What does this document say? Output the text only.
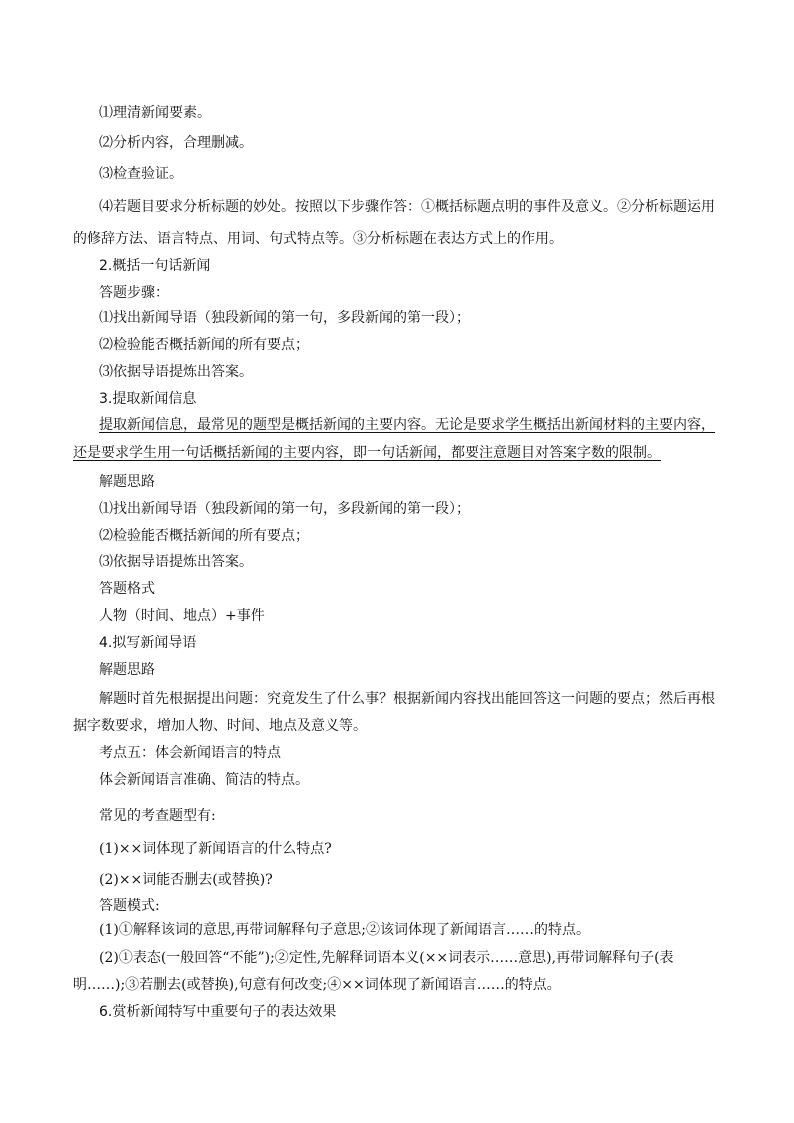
⑴理清新闻要素。
⑵分析内容，合理删减。
⑶检查验证。
⑷若题目要求分析标题的妙处。按照以下步骤作答：①概括标题点明的事件及意义。②分析标题运用
的修辞方法、语言特点、用词、句式特点等。③分析标题在表达方式上的作用。
2.概括一句话新闻
答题步骤：
⑴找出新闻导语（独段新闻的第一句，多段新闻的第一段）；
⑵检验能否概括新闻的所有要点；
⑶依据导语提炼出答案。
3.提取新闻信息
提取新闻信息，最常见的题型是概括新闻的主要内容。无论是要求学生概括出新闻材料的主要内容，
还是要求学生用一句话概括新闻的主要内容，即一句话新闻，都要注意题目对答案字数的限制。
解题思路
⑴找出新闻导语（独段新闻的第一句，多段新闻的第一段）；
⑵检验能否概括新闻的所有要点；
⑶依据导语提炼出答案。
答题格式
人物（时间、地点）+事件
4.拟写新闻导语
解题思路
解题时首先根据提出问题：究竟发生了什么事？根据新闻内容找出能回答这一问题的要点；然后再根
据字数要求，增加人物、时间、地点及意义等。
考点五：体会新闻语言的特点
体会新闻语言准确、简洁的特点。
常见的考查题型有:
(1)××词体现了新闻语言的什么特点?
(2)××词能否删去(或替换)?
答题模式:
(1)①解释该词的意思,再带词解释句子意思;②该词体现了新闻语言……的特点。
(2)①表态(一般回答“不能”);②定性,先解释词语本义(××词表示……意思),再带词解释句子(表
明……);③若删去(或替换),句意有何改变;④××词体现了新闻语言……的特点。
6.赏析新闻特写中重要句子的表达效果
